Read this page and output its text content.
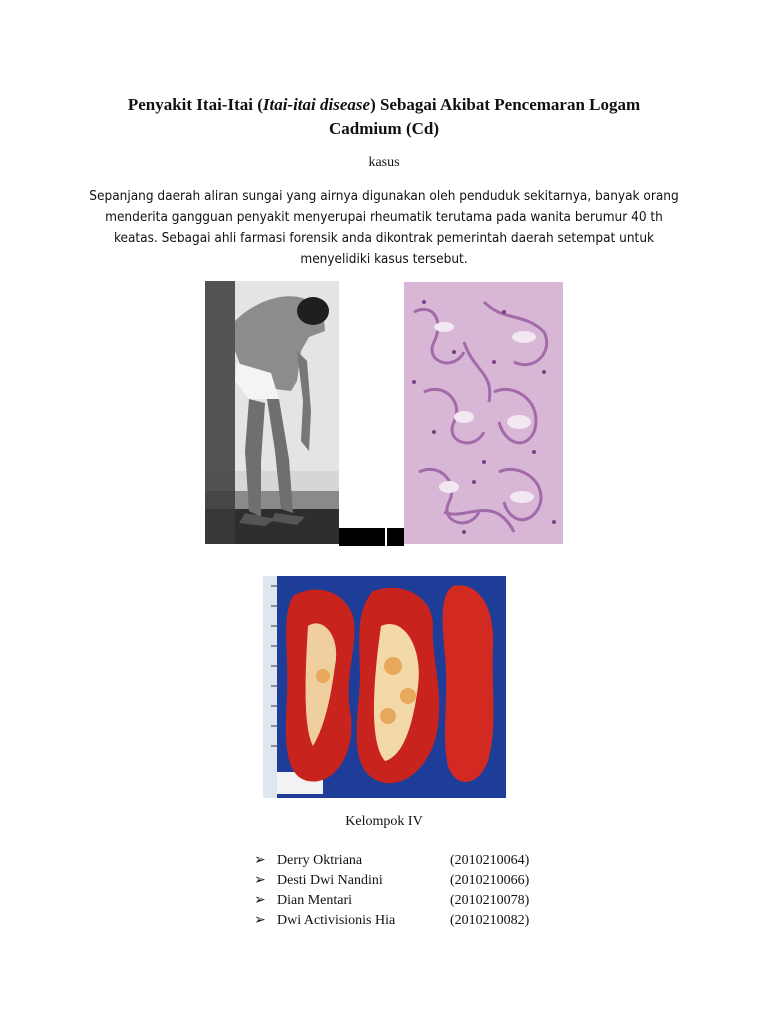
Penyakit Itai-Itai (Itai-itai disease) Sebagai Akibat Pencemaran Logam Cadmium (Cd)
kasus
Sepanjang daerah aliran sungai yang airnya digunakan oleh penduduk sekitarnya, banyak orang menderita gangguan penyakit menyerupai rheumatik terutama pada wanita berumur 40 th keatas. Sebagai ahli farmasi forensik anda dikontrak pemerintah daerah setempat untuk menyelidiki kasus tersebut.
Kelompok IV
➢ Derry Oktriana	(2010210064)
➢ Desti Dwi Nandini	(2010210066)
➢ Dian Mentari	(2010210078)
➢ Dwi Activisionis Hia	(2010210082)
